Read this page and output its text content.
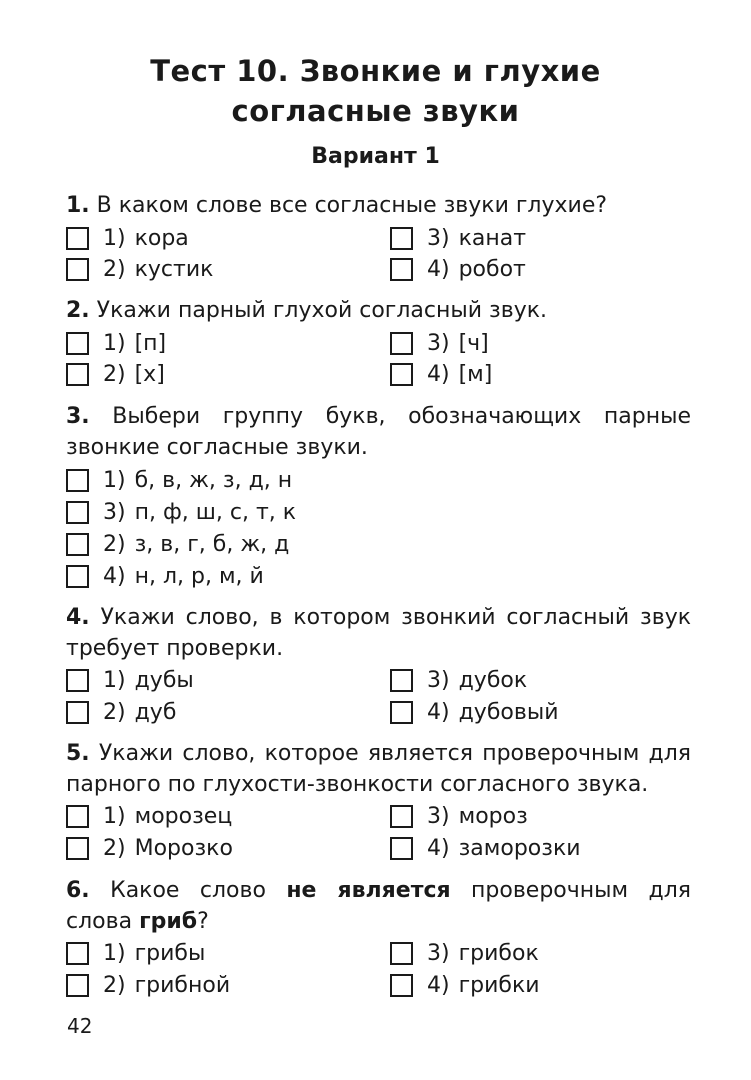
Тест 10. Звонкие и глухие
согласные звуки
Вариант 1
1. В каком слове все согласные звуки глухие?
1) кора
2) кустик
3) канат
4) робот
2. Укажи парный глухой согласный звук.
1) [п]
2) [х]
3) [ч]
4) [м]
3. Выбери группу букв, обозначающих парные
звонкие согласные звуки.
1) б, в, ж, з, д, н
3) п, ф, ш, с, т, к
2) з, в, г, б, ж, д
4) н, л, р, м, й
4. Укажи слово, в котором звонкий согласный звук
требует проверки.
1) дубы
2) дуб
3) дубок
4) дубовый
5. Укажи слово, которое является проверочным для
парного по глухости-звонкости согласного звука.
1) морозец
2) Морозко
3) мороз
4) заморозки
6. Какое слово не является проверочным для
слова гриб?
1) грибы
2) грибной
3) грибок
4) грибки
42
